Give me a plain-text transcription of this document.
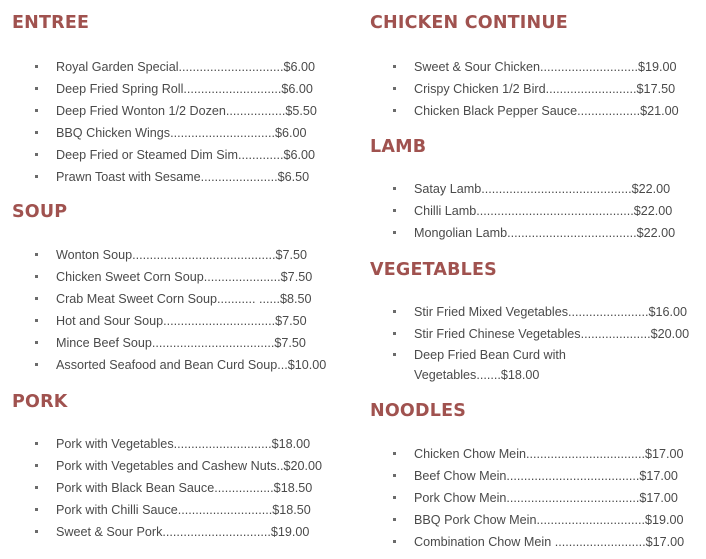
ENTREE
Royal Garden Special..............................$6.00
Deep Fried Spring Roll............................$6.00
Deep Fried Wonton 1/2 Dozen.................$5.50
BBQ Chicken Wings..............................$6.00
Deep Fried or Steamed Dim Sim.............$6.00
Prawn Toast with Sesame......................$6.50
SOUP
Wonton Soup.........................................$7.50
Chicken Sweet Corn Soup......................$7.50
Crab Meat Sweet Corn Soup........... ......$8.50
Hot and Sour Soup................................$7.50
Mince Beef Soup...................................$7.50
Assorted Seafood and Bean Curd Soup...$10.00
PORK
Pork with Vegetables............................$18.00
Pork with Vegetables and Cashew Nuts..$20.00
Pork with Black Bean Sauce.................$18.50
Pork with Chilli Sauce...........................$18.50
Sweet & Sour Pork...............................$19.00
CHICKEN CONTINUE
Sweet & Sour Chicken............................$19.00
Crispy Chicken 1/2 Bird..........................$17.50
Chicken Black Pepper Sauce..................$21.00
LAMB
Satay Lamb...........................................$22.00
Chilli Lamb.............................................$22.00
Mongolian Lamb.....................................$22.00
VEGETABLES
Stir Fried Mixed Vegetables.......................$16.00
Stir Fried Chinese Vegetables....................$20.00
Deep Fried Bean Curd with Vegetables.......$18.00
NOODLES
Chicken Chow Mein..................................$17.00
Beef Chow Mein......................................$17.00
Pork Chow Mein......................................$17.00
BBQ Pork Chow Mein...............................$19.00
Combination Chow Mein ..........................$17.00
